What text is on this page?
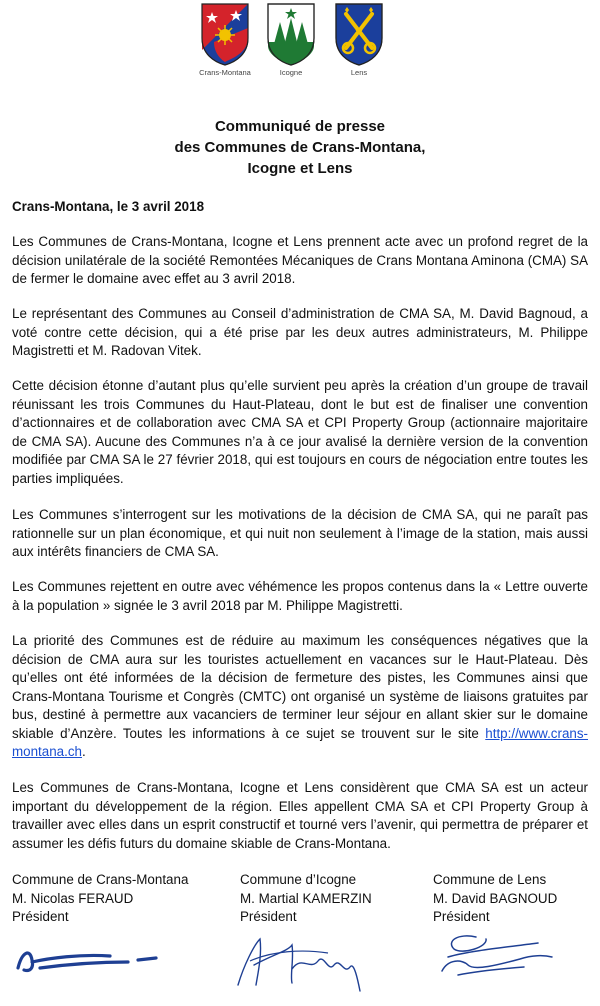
Crans-Montana	Icogne	Lens
Communiqué de presse
des Communes de Crans-Montana,
Icogne et Lens
Crans-Montana, le 3 avril 2018

Les Communes de Crans-Montana, Icogne et Lens prennent acte avec un profond regret de la décision unilatérale de la société Remontées Mécaniques de Crans Montana Aminona (CMA) SA de fermer le domaine avec effet au 3 avril 2018.

Le représentant des Communes au Conseil d’administration de CMA SA, M. David Bagnoud, a voté contre cette décision, qui a été prise par les deux autres administrateurs, M. Philippe Magistretti et M. Radovan Vitek.

Cette décision étonne d’autant plus qu’elle survient peu après la création d’un groupe de travail réunissant les trois Communes du Haut-Plateau, dont le but est de finaliser une convention d’actionnaires et de collaboration avec CMA SA et CPI Property Group (actionnaire majoritaire de CMA SA). Aucune des Communes n’a à ce jour avalisé la dernière version de la convention modifiée par CMA SA le 27 février 2018, qui est toujours en cours de négociation entre toutes les parties impliquées.

Les Communes s’interrogent sur les motivations de la décision de CMA SA, qui ne paraît pas rationnelle sur un plan économique, et qui nuit non seulement à l’image de la station, mais aussi aux intérêts financiers de CMA SA.

Les Communes rejettent en outre avec véhémence les propos contenus dans la « Lettre ouverte à la population » signée le 3 avril 2018 par M. Philippe Magistretti.

La priorité des Communes est de réduire au maximum les conséquences négatives que la décision de CMA aura sur les touristes actuellement en vacances sur le Haut-Plateau. Dès qu’elles ont été informées de la décision de fermeture des pistes, les Communes ainsi que Crans-Montana Tourisme et Congrès (CMTC) ont organisé un système de liaisons gratuites par bus, destiné à permettre aux vacanciers de terminer leur séjour en allant skier sur le domaine skiable d’Anzère. Toutes les informations à ce sujet se trouvent sur le site http://www.crans-montana.ch.

Les Communes de Crans-Montana, Icogne et Lens considèrent que CMA SA est un acteur important du développement de la région. Elles appellent CMA SA et CPI Property Group à travailler avec elles dans un esprit constructif et tourné vers l’avenir, qui permettra de préparer et assumer les défis futurs du domaine skiable de Crans-Montana.

Commune de Crans-Montana
M. Nicolas FERAUD
Président
Commune d’Icogne
M. Martial KAMERZIN
Président
Commune de Lens
M. David BAGNOUD
Président
